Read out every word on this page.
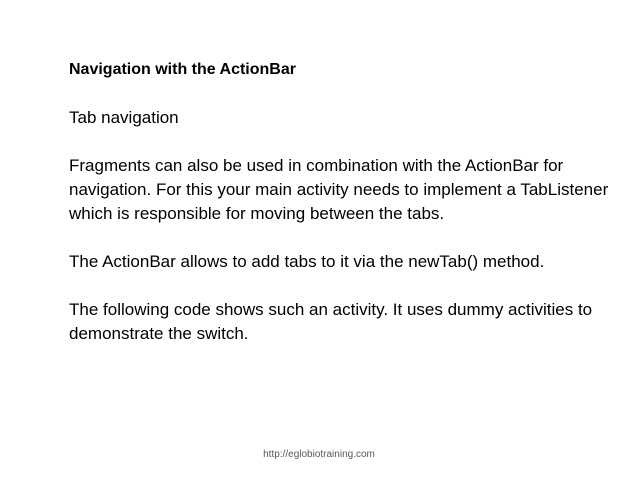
Navigation with the ActionBar
Tab navigation
Fragments can also be used in combination with the ActionBar for navigation. For this your main activity needs to implement a TabListener which is responsible for moving between the tabs.
The ActionBar allows to add tabs to it via the newTab() method.
The following code shows such an activity. It uses dummy activities to demonstrate the switch.
http://eglobiotraining.com
